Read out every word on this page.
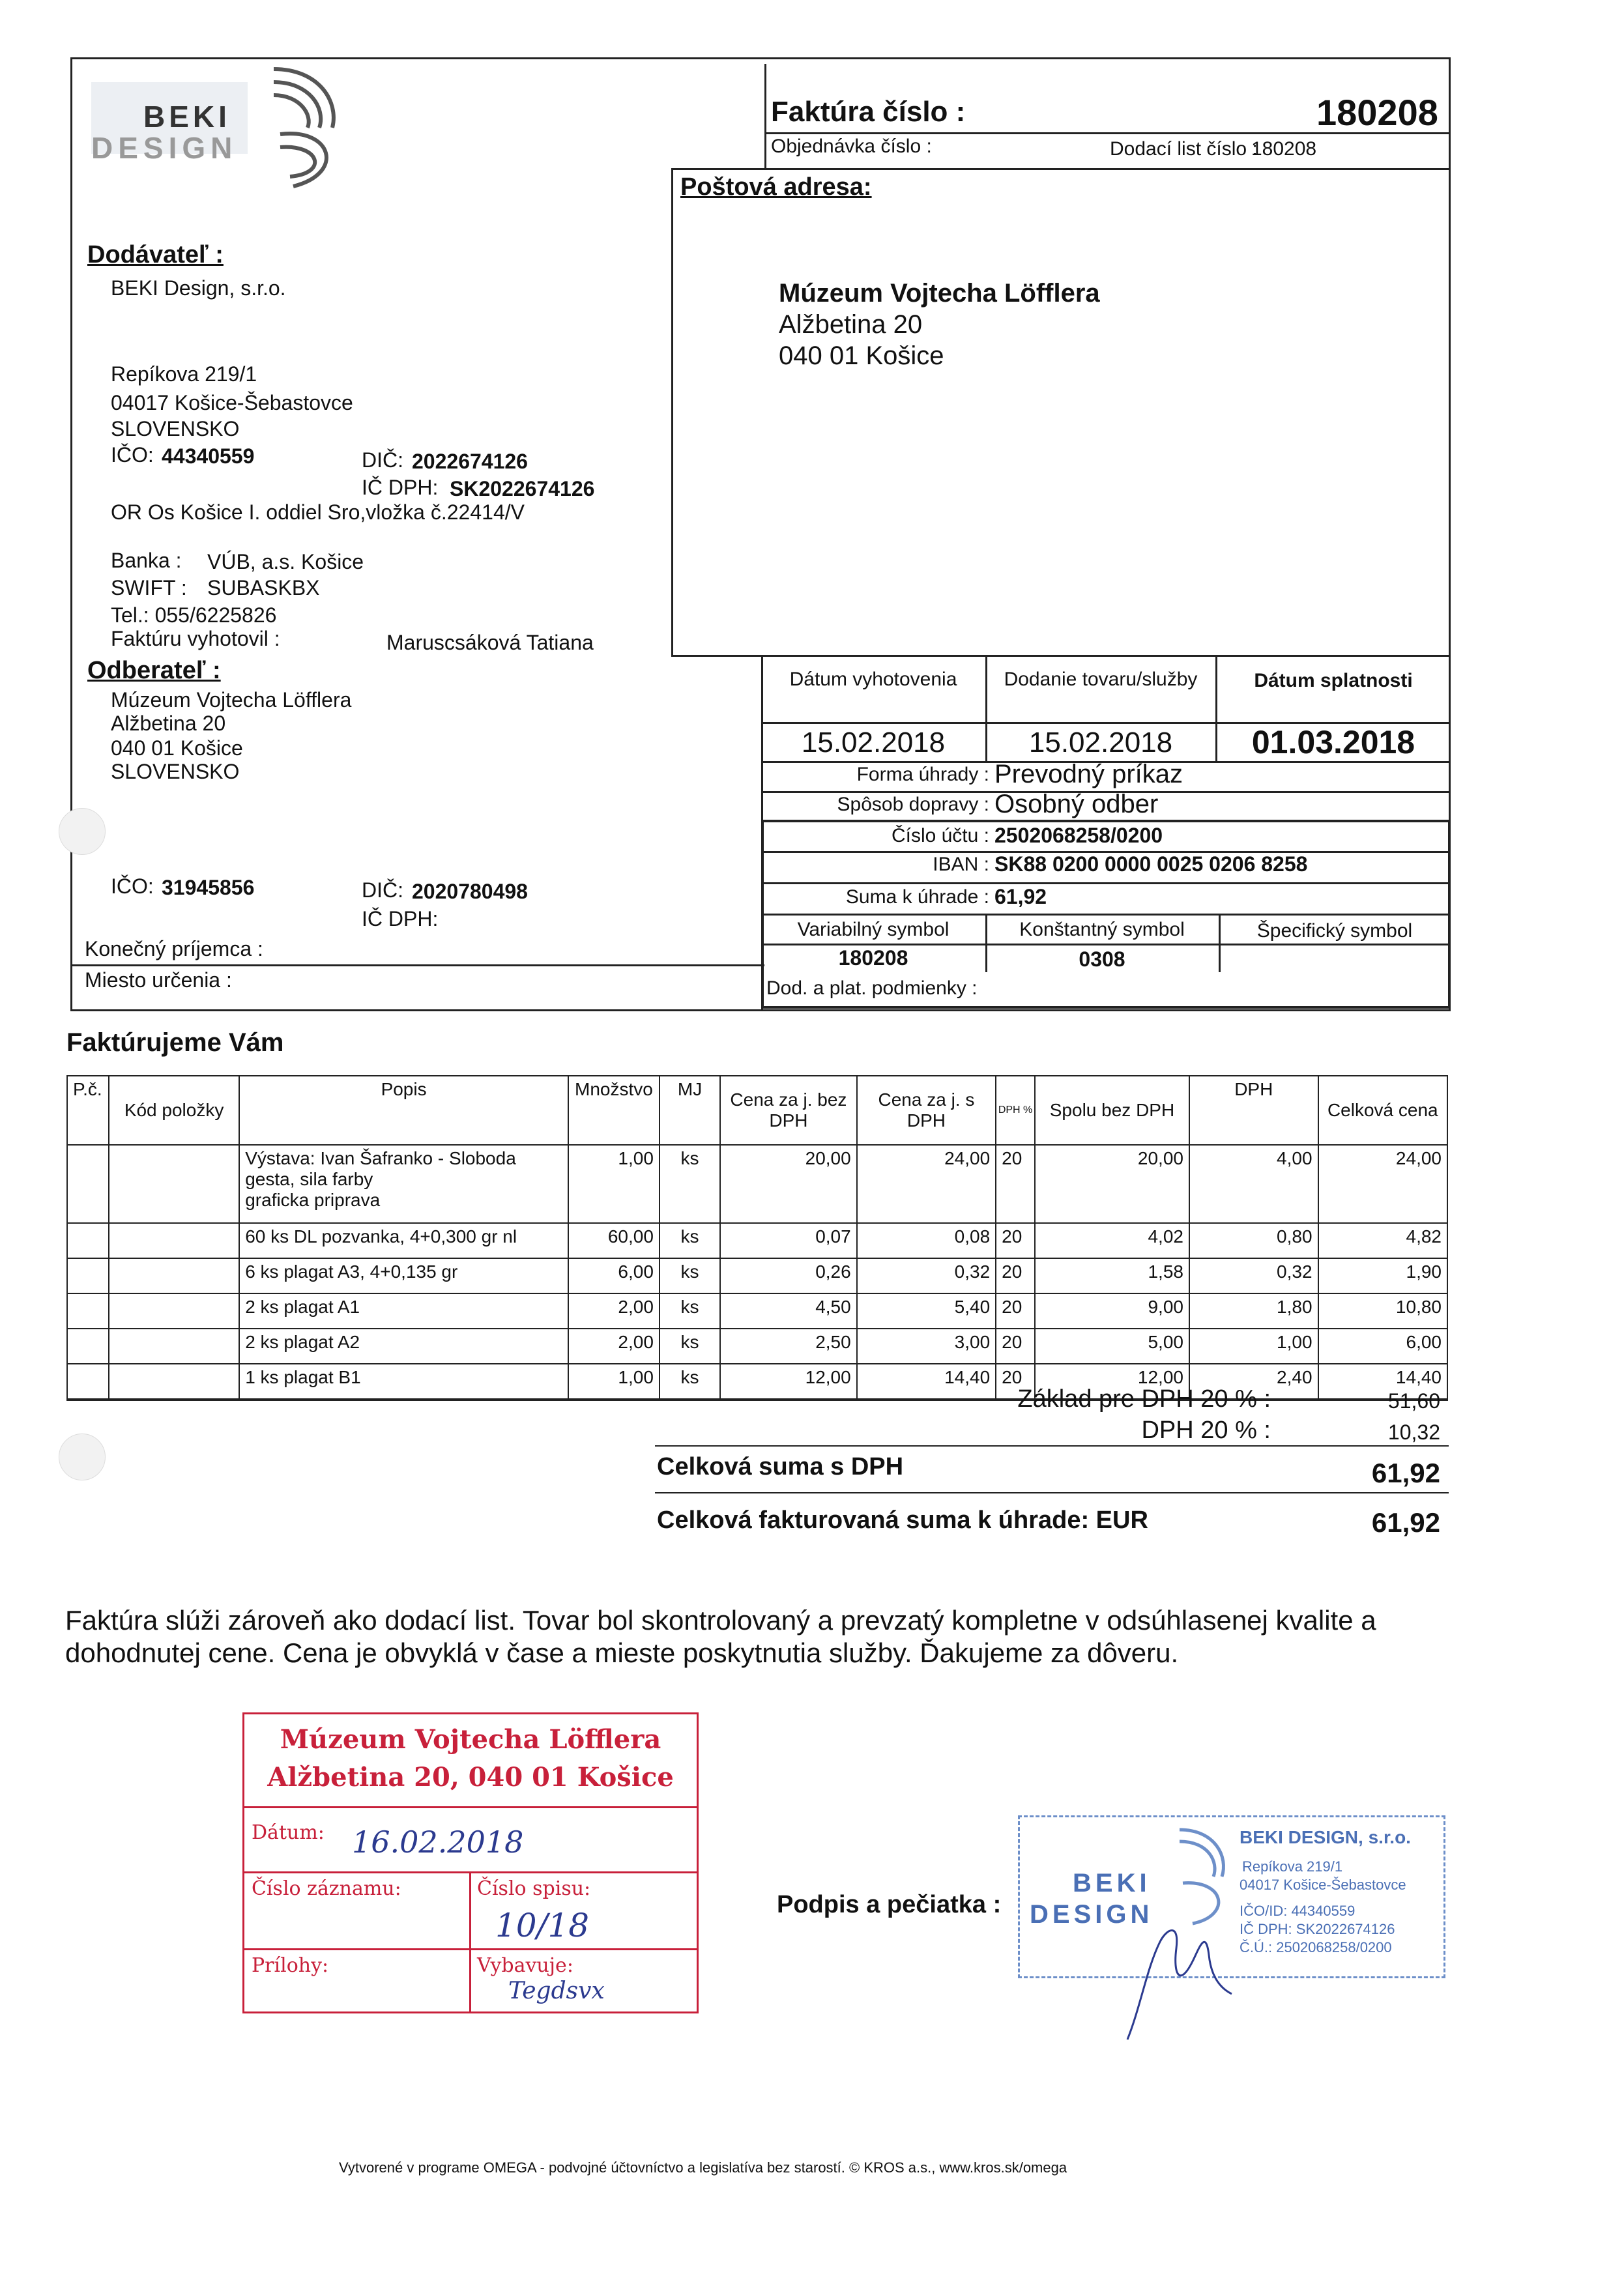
BEKI
DESIGN
Faktúra číslo :	180208
Objednávka číslo :	Dodací list číslo :
180208
Poštová adresa:
Múzeum Vojtecha Löfflera
Alžbetina 20
040 01 Košice
Dodávateľ :
BEKI Design, s.r.o.
Repíkova 219/1
04017 Košice-Šebastovce
SLOVENSKO
IČO: 44340559	DIČ: 2022674126
IČ DPH: SK2022674126
OR Os Košice I. oddiel Sro,vložka č.22414/V
Banka : VÚB, a.s. Košice
SWIFT : SUBASKBX
Tel.: 055/6225826
Faktúru vyhotovil :	Maruscsáková Tatiana
Odberateľ :
Múzeum Vojtecha Löfflera
Alžbetina 20
040 01 Košice
SLOVENSKO
IČO: 31945856	DIČ: 2020780498
IČ DPH:
Konečný príjemca :
Miesto určenia :
Dátum vyhotovenia	Dodanie tovaru/služby	Dátum splatnosti
15.02.2018	15.02.2018	01.03.2018
Forma úhrady : Prevodný príkaz
Spôsob dopravy : Osobný odber
Číslo účtu : 2502068258/0200
IBAN : SK88 0200 0000 0025 0206 8258
Suma k úhrade : 61,92
Variabilný symbol	Konštantný symbol	Špecifický symbol
180208	0308
Dod. a plat. podmienky :
Faktúrujeme Vám
P.č.	Kód položky	Popis	Množstvo	MJ	Cena za j. bez DPH	Cena za j. s DPH	DPH %	Spolu bez DPH	DPH	Celková cena
		Výstava: Ivan Šafranko - Sloboda
gesta, sila farby
graficka priprava	1,00	ks	20,00	24,00	20	20,00	4,00	24,00
		60 ks DL pozvanka, 4+0,300 gr nl	60,00	ks	0,07	0,08	20	4,02	0,80	4,82
		6 ks plagat A3, 4+0,135 gr	6,00	ks	0,26	0,32	20	1,58	0,32	1,90
		2 ks plagat A1	2,00	ks	4,50	5,40	20	9,00	1,80	10,80
		2 ks plagat A2	2,00	ks	2,50	3,00	20	5,00	1,00	6,00
		1 ks plagat B1	1,00	ks	12,00	14,40	20	12,00	2,40	14,40
Základ pre DPH 20 % :	51,60
DPH 20 % :	10,32
Celková suma s DPH	61,92
Celková fakturovaná suma k úhrade: EUR	61,92
Faktúra slúži zároveň ako dodací list. Tovar bol skontrolovaný a prevzatý kompletne v odsúhlasenej kvalite a
dohodnutej cene. Cena je obvyklá v čase a mieste poskytnutia služby. Ďakujeme za dôveru.
Múzeum Vojtecha Löfflera
Alžbetina 20, 040 01 Košice
Dátum: 16.02.2018
Číslo záznamu:	Číslo spisu:
10/18
Prílohy:	Vybavuje:
Tegdsvx
Podpis a pečiatka :
BEKI
DESIGN
BEKI DESIGN, s.r.o.
Repíkova 219/1
04017 Košice-Šebastovce
IČO/ID: 44340559
IČ DPH: SK2022674126
Č.Ú.: 2502068258/0200
Vytvorené v programe OMEGA - podvojné účtovníctvo a legislatíva bez starostí. © KROS a.s., www.kros.sk/omega
